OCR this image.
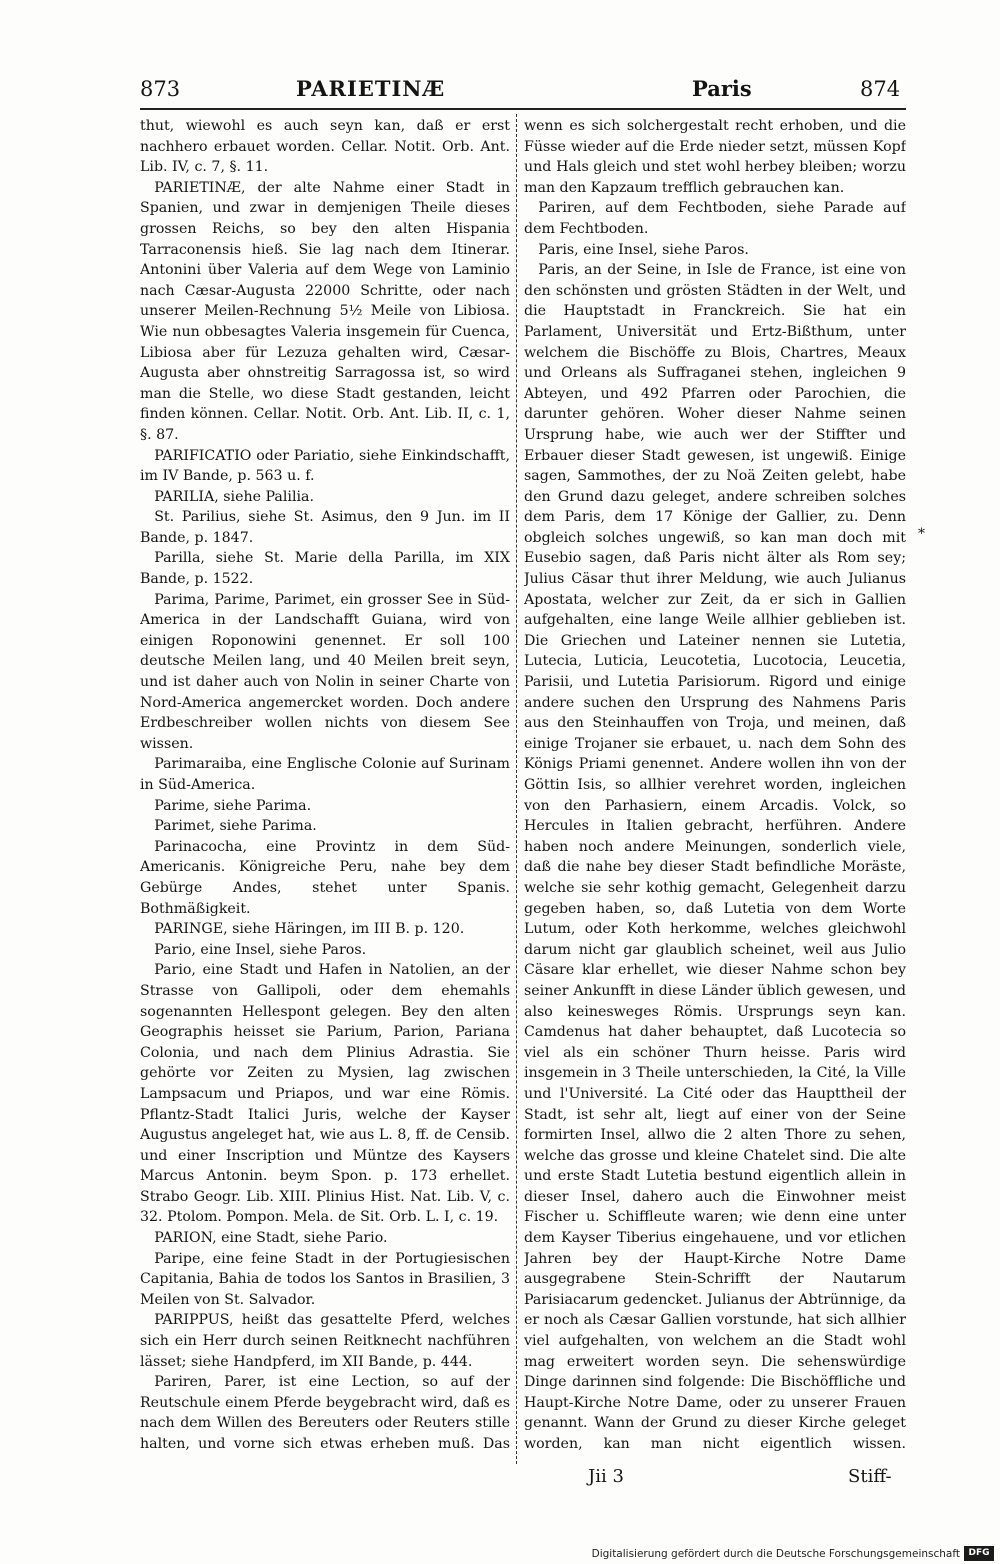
873	PARIETINÆ	Paris	874

thut, wiewohl es auch seyn kan, daß er erst nachhero erbauet worden. Cellar. Notit. Orb. Ant. Lib. IV, c. 7, §. 11.

PARIETINÆ, der alte Nahme einer Stadt in Spanien, und zwar in demjenigen Theile dieses grossen Reichs, so bey den alten Hispania Tarraconensis hieß. Sie lag nach dem Itinerar. Antonini über Valeria auf dem Wege von Laminio nach Cæsar-Augusta 22000 Schritte, oder nach unserer Meilen-Rechnung 5½ Meile von Libiosa. Wie nun obbesagtes Valeria insgemein für Cuenca, Libiosa aber für Lezuza gehalten wird, Cæsar-Augusta aber ohnstreitig Sarragossa ist, so wird man die Stelle, wo diese Stadt gestanden, leicht finden können. Cellar. Notit. Orb. Ant. Lib. II, c. 1, §. 87.

PARIFICATIO oder Pariatio, siehe Einkindschafft, im IV Bande, p. 563 u. f.

PARILIA, siehe Palilia.

St. Parilius, siehe St. Asimus, den 9 Jun. im II Bande, p. 1847.

Parilla, siehe St. Marie della Parilla, im XIX Bande, p. 1522.

Parima, Parime, Parimet, ein grosser See in Süd-America in der Landschafft Guiana, wird von einigen Roponowini genennet. Er soll 100 deutsche Meilen lang, und 40 Meilen breit seyn, und ist daher auch von Nolin in seiner Charte von Nord-America angemercket worden. Doch andere Erdbeschreiber wollen nichts von diesem See wissen.

Parimaraiba, eine Englische Colonie auf Surinam in Süd-America.

Parime, siehe Parima.

Parimet, siehe Parima.

Parinacocha, eine Provintz in dem Süd-Americanis. Königreiche Peru, nahe bey dem Gebürge Andes, stehet unter Spanis. Bothmäßigkeit.

PARINGE, siehe Häringen, im III B. p. 120.

Pario, eine Insel, siehe Paros.

Pario, eine Stadt und Hafen in Natolien, an der Strasse von Gallipoli, oder dem ehemahls sogenannten Hellespont gelegen. Bey den alten Geographis heisset sie Parium, Parion, Pariana Colonia, und nach dem Plinius Adrastia. Sie gehörte vor Zeiten zu Mysien, lag zwischen Lampsacum und Priapos, und war eine Römis. Pflantz-Stadt Italici Juris, welche der Kayser Augustus angeleget hat, wie aus L. 8, ff. de Censib. und einer Inscription und Müntze des Kaysers Marcus Antonin. beym Spon. p. 173 erhellet. Strabo Geogr. Lib. XIII. Plinius Hist. Nat. Lib. V, c. 32. Ptolom. Pompon. Mela. de Sit. Orb. L. I, c. 19.

PARION, eine Stadt, siehe Pario.

Paripe, eine feine Stadt in der Portugiesischen Capitania, Bahia de todos los Santos in Brasilien, 3 Meilen von St. Salvador.

PARIPPUS, heißt das gesattelte Pferd, welches sich ein Herr durch seinen Reitknecht nachführen lässet; siehe Handpferd, im XII Bande, p. 444.

Pariren, Parer, ist eine Lection, so auf der Reutschule einem Pferde beygebracht wird, daß es nach dem Willen des Bereuters oder Reuters stille halten, und vorne sich etwas erheben muß. Das

wenn es sich solchergestalt recht erhoben, und die Füsse wieder auf die Erde nieder setzt, müssen Kopf und Hals gleich und stet wohl herbey bleiben; worzu man den Kapzaum trefflich gebrauchen kan.

Pariren, auf dem Fechtboden, siehe Parade auf dem Fechtboden.

Paris, eine Insel, siehe Paros.

Paris, an der Seine, in Isle de France, ist eine von den schönsten und grösten Städten in der Welt, und die Hauptstadt in Franckreich. Sie hat ein Parlament, Universität und Ertz-Bißthum, unter welchem die Bischöffe zu Blois, Chartres, Meaux und Orleans als Suffraganei stehen, ingleichen 9 Abteyen, und 492 Pfarren oder Parochien, die darunter gehören. Woher dieser Nahme seinen Ursprung habe, wie auch wer der Stiffter und Erbauer dieser Stadt gewesen, ist ungewiß. Einige sagen, Sammothes, der zu Noä Zeiten gelebt, habe den Grund dazu geleget, andere schreiben solches dem Paris, dem 17 Könige der Gallier, zu. Denn obgleich solches ungewiß, so kan man doch mit Eusebio sagen, daß Paris nicht älter als Rom sey; Julius Cäsar thut ihrer Meldung, wie auch Julianus Apostata, welcher zur Zeit, da er sich in Gallien aufgehalten, eine lange Weile allhier geblieben ist. Die Griechen und Lateiner nennen sie Lutetia, Lutecia, Luticia, Leucotetia, Lucotocia, Leucetia, Parisii, und Lutetia Parisiorum. Rigord und einige andere suchen den Ursprung des Nahmens Paris aus den Steinhauffen von Troja, und meinen, daß einige Trojaner sie erbauet, u. nach dem Sohn des Königs Priami genennet. Andere wollen ihn von der Göttin Isis, so allhier verehret worden, ingleichen von den Parhasiern, einem Arcadis. Volck, so Hercules in Italien gebracht, herführen. Andere haben noch andere Meinungen, sonderlich viele, daß die nahe bey dieser Stadt befindliche Moräste, welche sie sehr kothig gemacht, Gelegenheit darzu gegeben haben, so, daß Lutetia von dem Worte Lutum, oder Koth herkomme, welches gleichwohl darum nicht gar glaublich scheinet, weil aus Julio Cäsare klar erhellet, wie dieser Nahme schon bey seiner Ankunfft in diese Länder üblich gewesen, und also keinesweges Römis. Ursprungs seyn kan. Camdenus hat daher behauptet, daß Lucotecia so viel als ein schöner Thurn heisse. Paris wird insgemein in 3 Theile unterschieden, la Cité, la Ville und l'Université. La Cité oder das Haupttheil der Stadt, ist sehr alt, liegt auf einer von der Seine formirten Insel, allwo die 2 alten Thore zu sehen, welche das grosse und kleine Chatelet sind. Die alte und erste Stadt Lutetia bestund eigentlich allein in dieser Insel, dahero auch die Einwohner meist Fischer u. Schiffleute waren; wie denn eine unter dem Kayser Tiberius eingehauene, und vor etlichen Jahren bey der Haupt-Kirche Notre Dame ausgegrabene Stein-Schrifft der Nautarum Parisiacarum gedencket. Julianus der Abtrünnige, da er noch als Cæsar Gallien vorstunde, hat sich allhier viel aufgehalten, von welchem an die Stadt wohl mag erweitert worden seyn. Die sehenswürdige Dinge darinnen sind folgende: Die Bischöffliche und Haupt-Kirche Notre Dame, oder zu unserer Frauen genannt. Wann der Grund zu dieser Kirche geleget worden, kan man nicht eigentlich wissen.

*
Jii 3	Stiff-
Digitalisierung gefördert durch die Deutsche Forschungsgemeinschaft DFG
